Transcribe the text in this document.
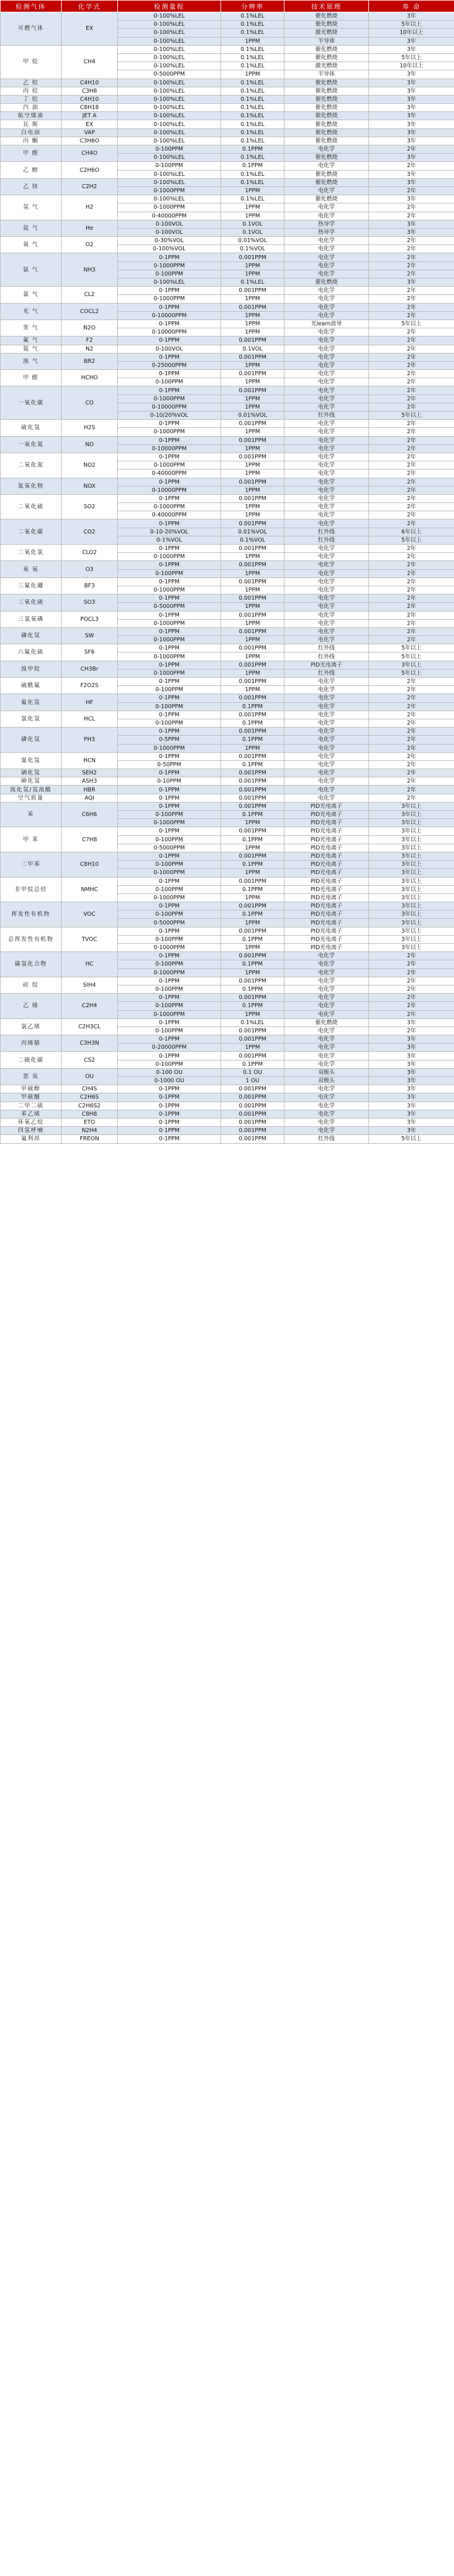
检测气体	化学式	检测量程	分辨率	技术原理	寿 命
可燃气体	EX	0-100%LEL	0.1%LEL	催化燃烧	3年
		0-100%LEL	0.1%LEL	催化燃烧	5年以上
		0-100%LEL	0.1%LEL	激光燃烧	10年以上
		0-100%LEL	1PPM	半导体	3年
甲 烷	CH4	0-100%LEL	0.1%LEL	催化燃烧	3年
		0-100%LEL	0.1%LEL	催化燃烧	5年以上
		0-100%LEL	0.1%LEL	激光燃烧	10年以上
		0-5000PPM	1PPM	半导体	3年
乙 烷	C4H10	0-100%LEL	0.1%LEL	催化燃烧	3年
丙 烷	C3H8	0-100%LEL	0.1%LEL	催化燃烧	3年
丁 烷	C4H10	0-100%LEL	0.1%LEL	催化燃烧	3年
汽 油	C8H18	0-100%LEL	0.1%LEL	催化燃烧	3年
航空煤油	JET A	0-100%LEL	0.1%LEL	催化燃烧	3年
瓦 斯	EX	0-100%LEL	0.1%LEL	催化燃烧	3年
白电油	VAP	0-100%LEL	0.1%LEL	催化燃烧	3年
丙 酮	C3H6O	0-100%LEL	0.1%LEL	催化燃烧	3年
甲 醛	CH4O	0-100PPM	0.1PPM	电化学	2年
		0-100%LEL	0.1%LEL	催化燃烧	3年
乙 醇	C2H6O	0-100PPM	0.1PPM	电化学	2年
		0-100%LEL	0.1%LEL	催化燃烧	3年
乙 炔	C2H2	0-100%LEL	0.1%LEL	催化燃烧	3年
		0-1000PPM	1PPM	电化学	2年
氢 气	H2	0-100%LEL	0.1%LEL	催化燃烧	3年
		0-1000PPM	1PPM	电化学	2年
		0-40000PPM	1PPM	电化学	2年
氦 气	He	0-100VOL	0.1VOL	热导学	3年
		0-100VOL	0.1VOL	热导学	3年
氧 气	O2	0-30%VOL	0.01%VOL	电化学	2年
		0-100%VOL	0.1%VOL	电化学	2年
氨 气	NH3	0-1PPM	0.001PPM	电化学	2年
		0-1000PPM	1PPM	电化学	2年
		0-100PPM	1PPM	电化学	2年
		0-100%LEL	0.1%LEL	催化燃烧	3年
氯 气	CL2	0-1PPM	0.001PPM	电化学	2年
		0-1000PPM	1PPM	电化学	2年
光 气	COCL2	0-1PPM	0.001PPM	电化学	2年
		0-10000PPM	1PPM	电化学	2年
笑 气	N2O	0-1PPM	1PPM	光learn波导	5年以上
		0-10000PPM	1PPM	电化学	2年
氟 气	F2	0-1PPM	0.001PPM	电化学	2年
氮 气	N2	0-100VOL	0.1VOL	电化学	2年
溴 气	BR2	0-1PPM	0.001PPM	电化学	2年
		0-25000PPM	1PPM	电化学	2年
甲 醛	HCHO	0-1PPM	0.001PPM	电化学	2年
		0-100PPM	1PPM	电化学	2年
一氧化碳	CO	0-1PPM	0.001PPM	电化学	2年
		0-1000PPM	1PPM	电化学	2年
		0-10000PPM	1PPM	电化学	2年
		0-10/20%VOL	0.01%VOL	红外线	5年以上
硫化氢	H2S	0-1PPM	0.001PPM	电化学	2年
		0-1000PPM	1PPM	电化学	2年
一氧化氮	NO	0-1PPM	0.001PPM	电化学	2年
		0-10000PPM	1PPM	电化学	2年
二氧化氮	NO2	0-1PPM	0.001PPM	电化学	2年
		0-1000PPM	1PPM	电化学	2年
		0-40000PPM	1PPM	电化学	2年
氮氧化物	NOX	0-1PPM	0.001PPM	电化学	2年
		0-10000PPM	1PPM	电化学	2年
二氧化硫	SO2	0-1PPM	0.001PPM	电化学	2年
		0-1000PPM	1PPM	电化学	2年
		0-40000PPM	1PPM	电化学	2年
二氧化碳	CO2	0-1PPM	0.001PPM	电化学	2年
		0-10-20%VOL	0.01%VOL	红外线	6年以上
		0-1%VOL	0.1%VOL	红外线	5年以上
二氧化氯	CLO2	0-1PPM	0.001PPM	电化学	2年
		0-1000PPM	1PPM	电化学	2年
臭 氧	O3	0-1PPM	0.001PPM	电化学	2年
		0-100PPM	1PPM	电化学	2年
三氟化硼	BF3	0-1PPM	0.001PPM	电化学	2年
		0-1000PPM	1PPM	电化学	2年
三氧化硫	SO3	0-1PPM	0.001PPM	电化学	2年
		0-5000PPM	1PPM	电化学	2年
三氯氧磷	POCL3	0-1PPM	0.001PPM	电化学	2年
		0-1000PPM	1PPM	电化学	2年
磷化氢	SW	0-1PPM	0.001PPM	电化学	2年
		0-1000PPM	1PPM	电化学	2年
六氟化硫	SF6	0-1PPM	0.001PPM	红外线	5年以上
		0-1000PPM	1PPM	红外线	5年以上
溴甲烷	CH3Br	0-1PPM	0.001PPM	PID光电离子	3年以上
		0-1000PPM	1PPM	红外线	5年以上
硫酰氟	F2O2S	0-1PPM	0.001PPM	电化学	2年
		0-100PPM	1PPM	电化学	2年
氟化氢	HF	0-1PPM	0.001PPM	电化学	2年
		0-100PPM	0.1PPM	电化学	2年
氯化氢	HCL	0-1PPM	0.001PPM	电化学	2年
		0-100PPM	0.1PPM	电化学	2年
磷化氢	PH3	0-1PPM	0.001PPM	电化学	2年
		0-5PPM	0.1PPM	电化学	2年
		0-1000PPM	1PPM	电化学	2年
氰化氢	HCN	0-1PPM	0.001PPM	电化学	2年
		0-50PPM	0.1PPM	电化学	2年
硒化氢	SEH2	0-1PPM	0.001PPM	电化学	2年
砷化氢	ASH3	0-10PPM	0.001PPM	电化学	2年
溴化氢/氢溴酸	HBR	0-1PPM	0.001PPM	电化学	2年
空气质量	AQI	0-1PPM	0.001PPM	电化学	2年
苯	C6H6	0-1PPM	0.001PPM	PID光电离子	3年以上
		0-100PPM	0.1PPM	PID光电离子	3年以上
		0-1000PPM	1PPM	PID光电离子	3年以上
甲 苯	C7H8	0-1PPM	0.001PPM	PID光电离子	3年以上
		0-100PPM	0.1PPM	PID光电离子	3年以上
		0-5000PPM	1PPM	PID光电离子	3年以上
二甲苯	C8H10	0-1PPM	0.001PPM	PID光电离子	3年以上
		0-100PPM	0.1PPM	PID光电离子	3年以上
		0-1000PPM	1PPM	PID光电离子	3年以上
非甲烷总烃	NMHC	0-1PPM	0.001PPM	PID光电离子	3年以上
		0-100PPM	0.1PPM	PID光电离子	3年以上
		0-1000PPM	1PPM	PID光电离子	3年以上
挥发性有机物	VOC	0-1PPM	0.001PPM	PID光电离子	3年以上
		0-100PPM	0.1PPM	PID光电离子	3年以上
		0-5000PPM	1PPM	PID光电离子	3年以上
总挥发性有机物	TVOC	0-1PPM	0.001PPM	PID光电离子	3年以上
		0-100PPM	0.1PPM	PID光电离子	3年以上
		0-1000PPM	1PPM	PID光电离子	3年以上
碳氢化合物	HC	0-1PPM	0.001PPM	电化学	2年
		0-100PPM	0.1PPM	电化学	2年
		0-1000PPM	1PPM	电化学	2年
硅 烷	SIH4	0-1PPM	0.001PPM	电化学	2年
		0-100PPM	0.1PPM	电化学	2年
乙 烯	C2H4	0-1PPM	0.001PPM	电化学	2年
		0-100PPM	0.1PPM	电化学	2年
		0-1000PPM	1PPM	电化学	2年
氯乙烯	C2H3CL	0-1PPM	0.1%LEL	催化燃烧	3年
		0-100PPM	0.001PPM	电化学	2年
丙烯腈	C3H3N	0-1PPM	0.001PPM	电化学	3年
		0-20000PPM	1PPM	电化学	3年
二硫化碳	CS2	0-1PPM	0.001PPM	电化学	3年
		0-100PPM	0.1PPM	电化学	3年
恶 臭	OU	0-100 OU	0.1 OU	双极头	3年
		0-1000 OU	1 OU	双极头	3年
甲硫醇	CH4S	0-1PPM	0.001PPM	电化学	3年
甲硫醚	C2H6S	0-1PPM	0.001PPM	电化学	3年
二甲二硫	C2H6S2	0-1PPM	0.001PPM	电化学	3年
苯乙烯	C8H8	0-1PPM	0.001PPM	电化学	3年
环氧乙烷	ETO	0-1PPM	0.001PPM	电化学	3年
四氢呼喃	N2H4	0-1PPM	0.001PPM	电化学	3年
氟利昂	FREON	0-1PPM	0.001PPM	红外线	5年以上
